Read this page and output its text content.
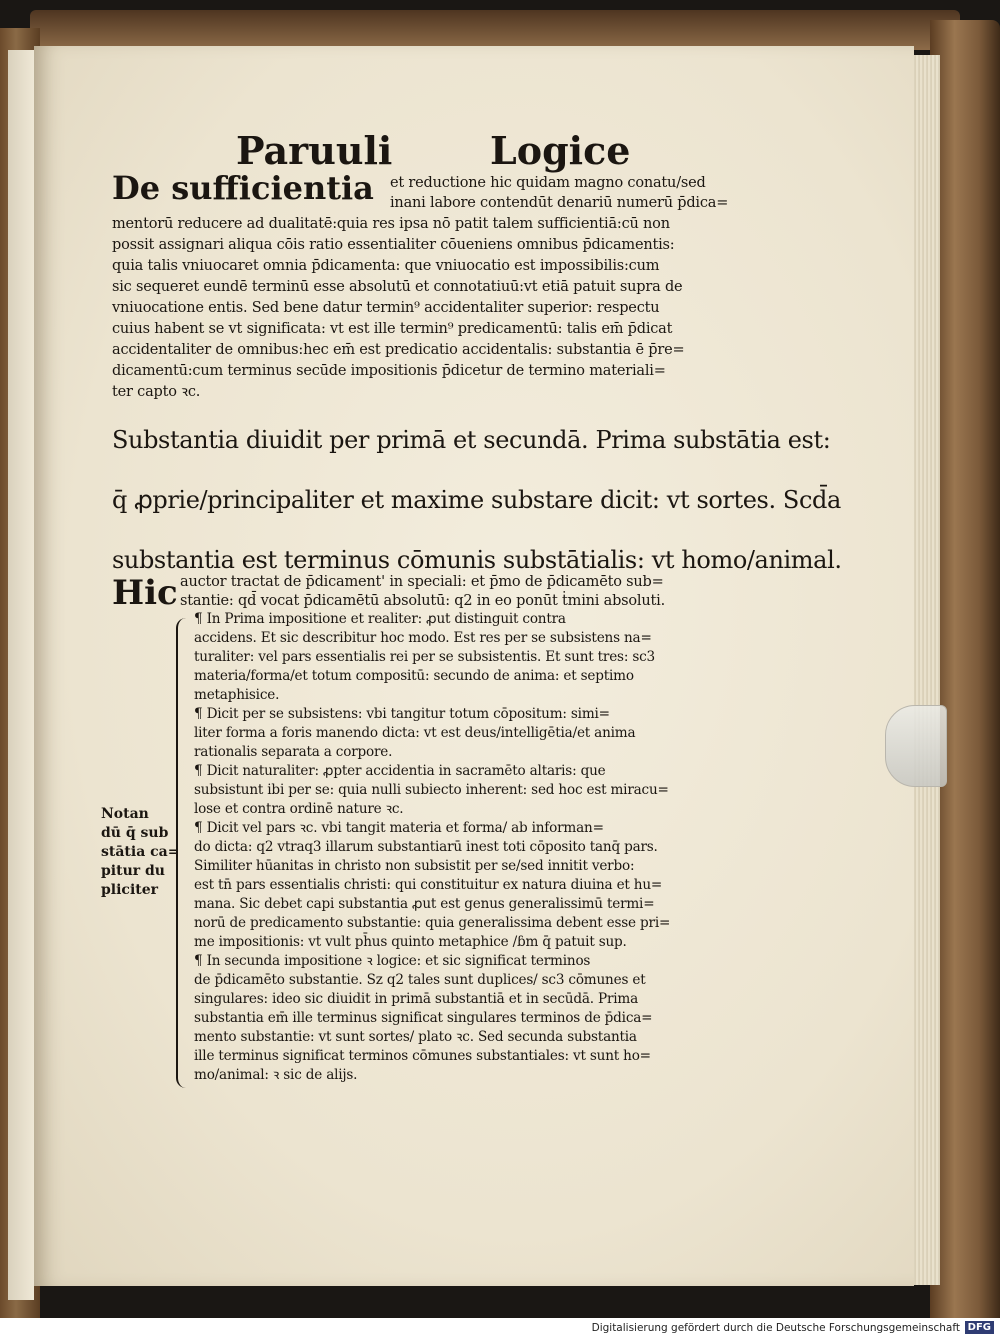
Paruuli	Logice
De sufficientia et reductione hic quidam magno conatu/sed
inani labore contendūt denariū numerū p̄dica=
mentorū reducere ad dualitatē:quia res ipsa nō patit talem sufficientiā:cū non
possit assignari aliqua cōis ratio essentialiter cōueniens omnibus p̄dicamentis:
quia talis vniuocaret omnia p̄dicamenta: que vniuocatio est impossibilis:cum
sic sequeret eundē terminū esse absolutū et connotatiuū:vt etiā patuit supra de
vniuocatione entis. Sed bene datur termin⁹ accidentaliter superior: respectu
cuius habent se vt significata: vt est ille termin⁹ predicamentū: talis em̄ p̄dicat
accidentaliter de omnibus:hec em̄ est predicatio accidentalis: substantia ē p̄re=
dicamentū:cum terminus secūde impositionis p̄dicetur de termino materiali=
ter capto ꝛc.
Substantia diuidit per primā et secundā. Prima substātia est:
q̄ ꝓprie/principaliter et maxime substare dicit: vt sortes. Scd̄a
substantia est terminus cōmunis substātialis: vt homo/animal.
Hic auctor tractat de p̄dicament' in speciali: et p̄mo de p̄dicamēto sub=
stantie: qd̄ vocat p̄dicamētū absolutū: q2 in eo ponūt ṫmini absoluti.
¶ In Prima impositione et realiter: ꝓut distinguit contra
accidens. Et sic describitur hoc modo. Est res per se subsistens na=
turaliter: vel pars essentialis rei per se subsistentis. Et sunt tres: sc3
materia/forma/et totum compositū: secundo de anima: et septimo
metaphisice.
¶ Dicit per se subsistens: vbi tangitur totum cōpositum: simi=
liter forma a foris manendo dicta: vt est deus/intelligētia/et anima
rationalis separata a corpore.
¶ Dicit naturaliter: ꝓpter accidentia in sacramēto altaris: que
subsistunt ibi per se: quia nulli subiecto inherent: sed hoc est miracu=
lose et contra ordinē nature ꝛc.
¶ Dicit vel pars ꝛc. vbi tangit materia et forma/ ab informan=
do dicta: q2 vtraq3 illarum substantiarū inest toti cōposito tanq̄ pars.
Similiter hūanitas in christo non subsistit per se/sed innitit verbo:
est tn̄ pars essentialis christi: qui constituitur ex natura diuina et hu=
mana. Sic debet capi substantia ꝓut est genus generalissimū termi=
norū de predicamento substantie: quia generalissima debent esse pri=
me impositionis: vt vult ph̄us quinto metaphice /ɓm q̄ patuit sup.
¶ In secunda impositione ꝛ logice: et sic significat terminos
de p̄dicamēto substantie. Sz q2 tales sunt duplices/ sc3 cōmunes et
singulares: ideo sic diuidit in primā substantiā et in secūdā. Prima
substantia em̄ ille terminus significat singulares terminos de p̄dica=
mento substantie: vt sunt sortes/ plato ꝛc. Sed secunda substantia
ille terminus significat terminos cōmunes substantiales: vt sunt ho=
mo/animal: ꝛ sic de alijs.
Notan
dū q̄ sub
stātia ca=
pitur du
pliciter
Digitalisierung gefördert durch die Deutsche Forschungsgemeinschaft DFG
